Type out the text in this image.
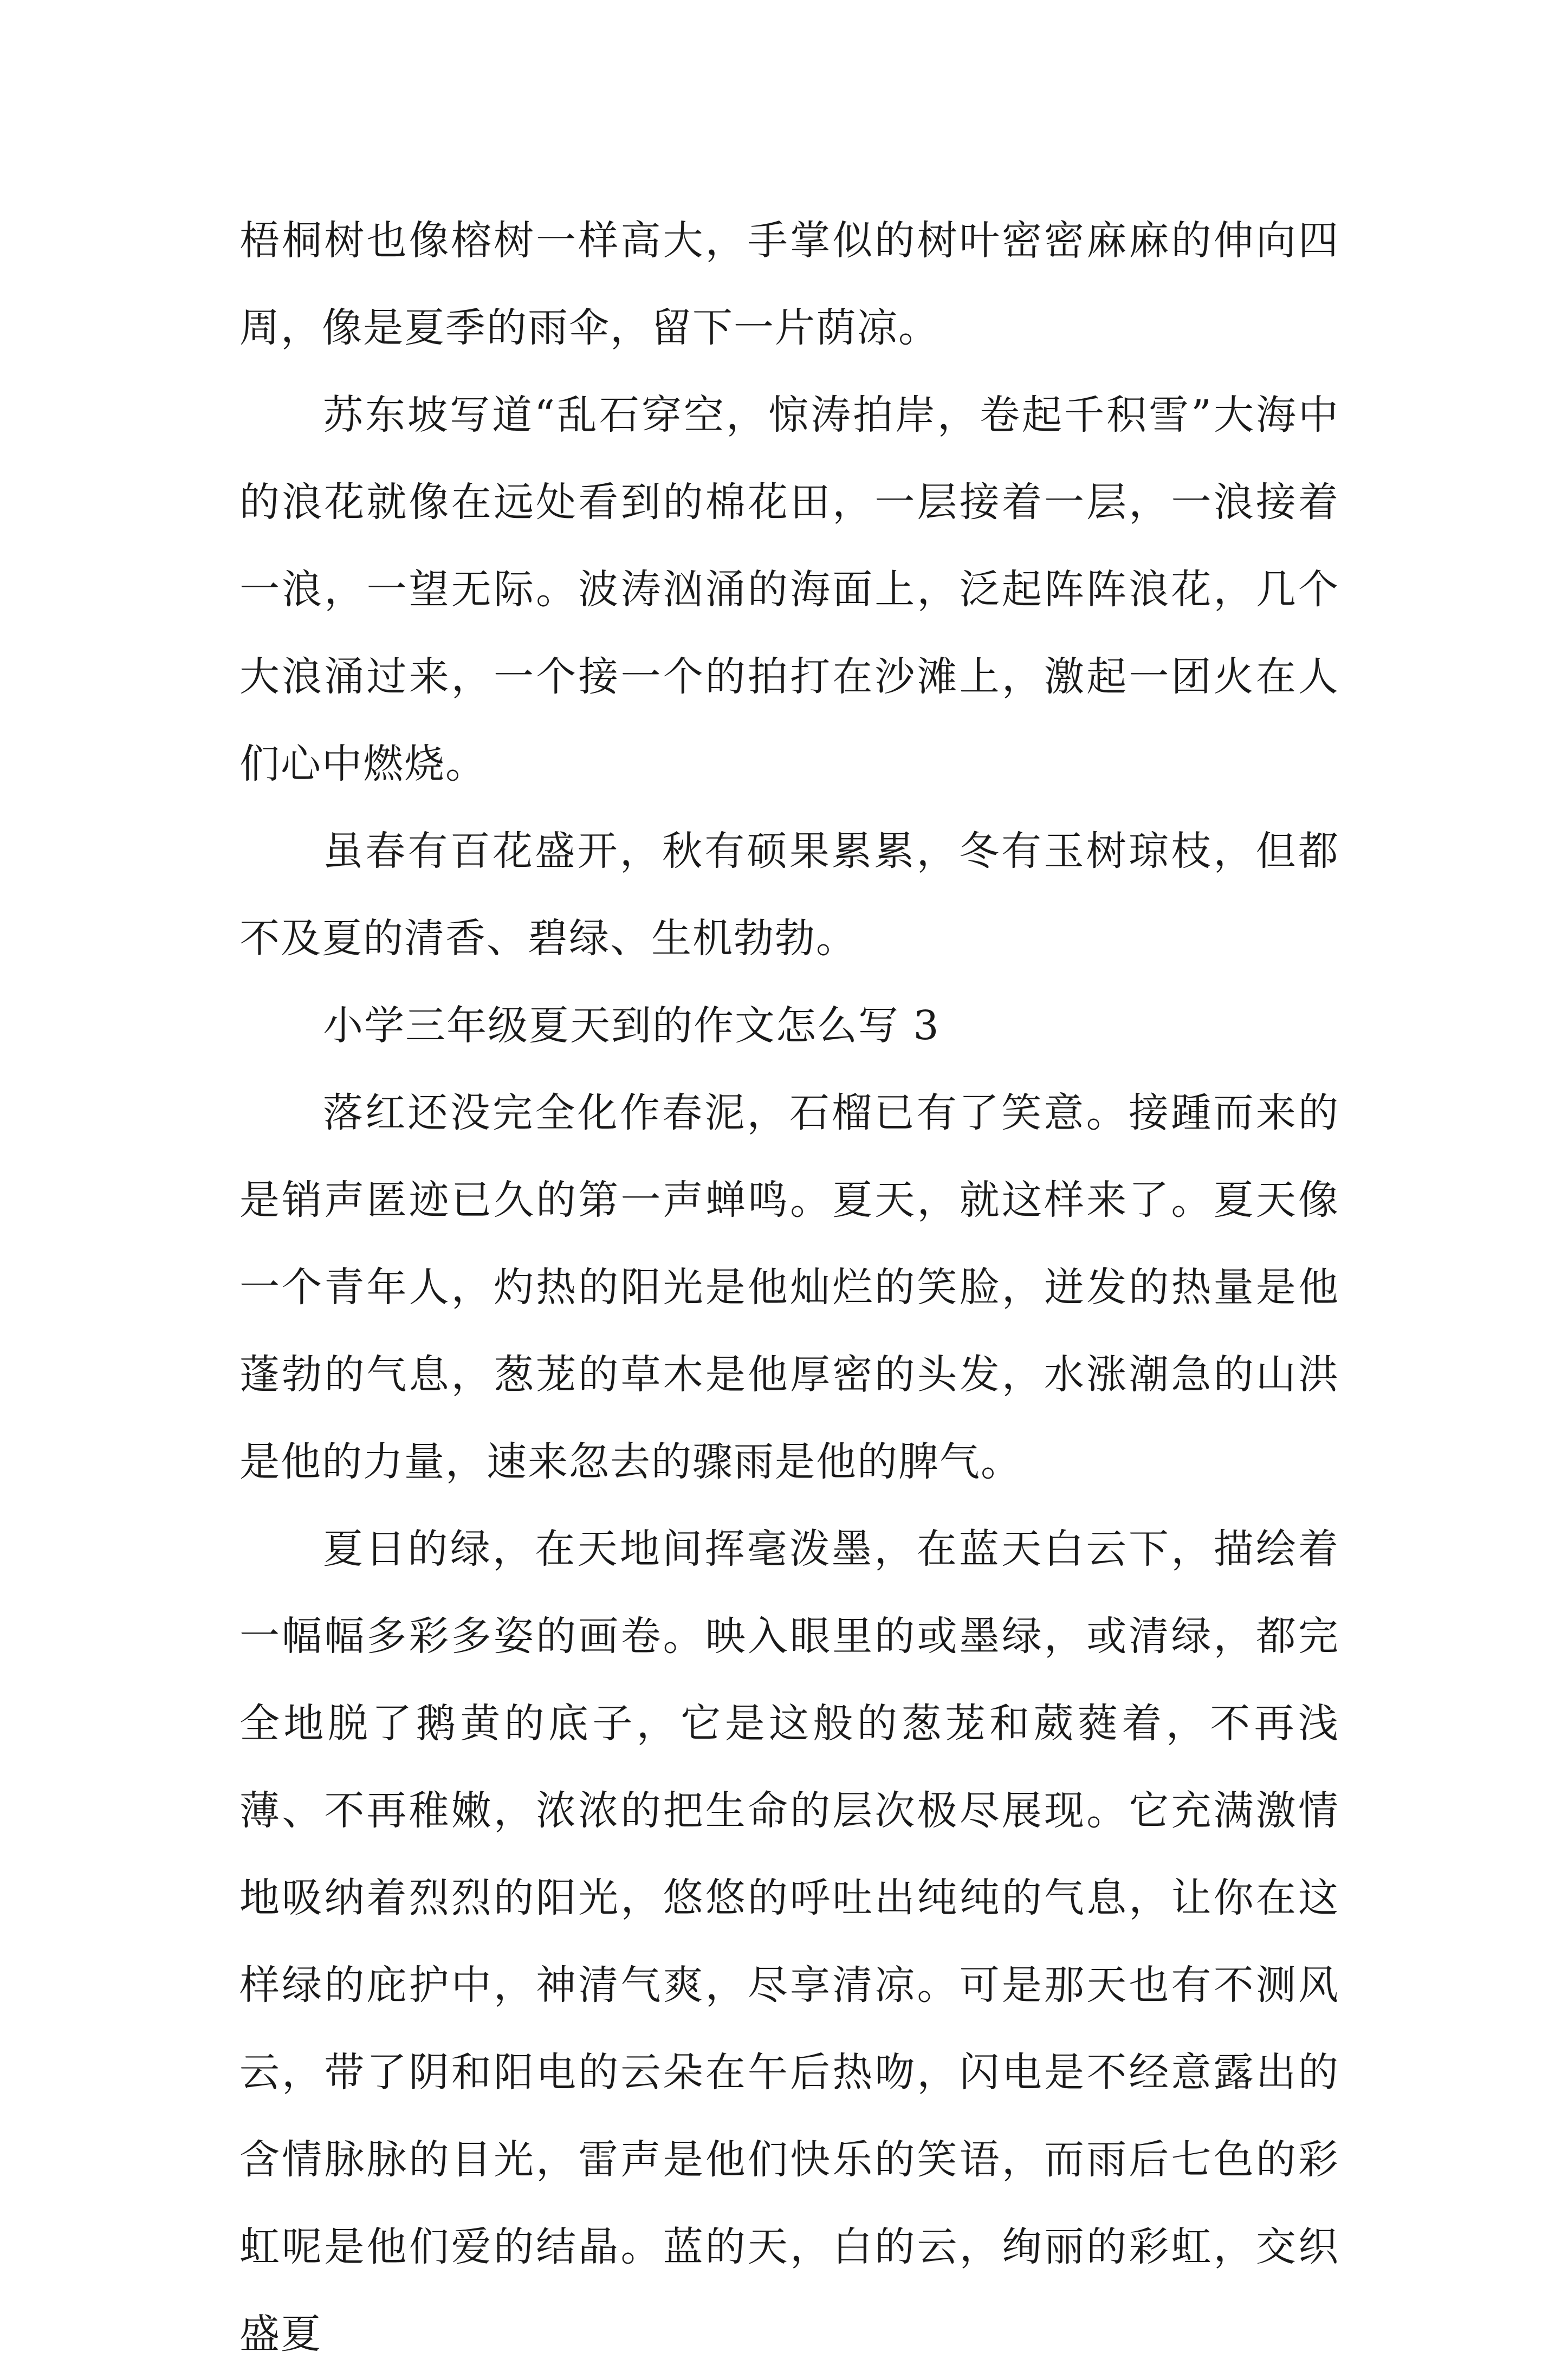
梧桐树也像榕树一样高大，手掌似的树叶密密麻麻的伸向四周，像是夏季的雨伞，留下一片荫凉。

苏东坡写道“乱石穿空，惊涛拍岸，卷起千积雪”大海中的浪花就像在远处看到的棉花田，一层接着一层，一浪接着一浪，一望无际。波涛汹涌的海面上，泛起阵阵浪花，几个大浪涌过来，一个接一个的拍打在沙滩上，激起一团火在人们心中燃烧。

虽春有百花盛开，秋有硕果累累，冬有玉树琼枝，但都不及夏的清香、碧绿、生机勃勃。

小学三年级夏天到的作文怎么写 3

落红还没完全化作春泥，石榴已有了笑意。接踵而来的是销声匿迹已久的第一声蝉鸣。夏天，就这样来了。夏天像一个青年人，灼热的阳光是他灿烂的笑脸，迸发的热量是他蓬勃的气息，葱茏的草木是他厚密的头发，水涨潮急的山洪是他的力量，速来忽去的骤雨是他的脾气。

夏日的绿，在天地间挥毫泼墨，在蓝天白云下，描绘着一幅幅多彩多姿的画卷。映入眼里的或墨绿，或清绿，都完全地脱了鹅黄的底子，它是这般的葱茏和葳蕤着，不再浅薄、不再稚嫩，浓浓的把生命的层次极尽展现。它充满激情地吸纳着烈烈的阳光，悠悠的呼吐出纯纯的气息，让你在这样绿的庇护中，神清气爽，尽享清凉。可是那天也有不测风云，带了阴和阳电的云朵在午后热吻，闪电是不经意露出的含情脉脉的目光，雷声是他们快乐的笑语，而雨后七色的彩虹呢是他们爱的结晶。蓝的天，白的云，绚丽的彩虹，交织盛夏
